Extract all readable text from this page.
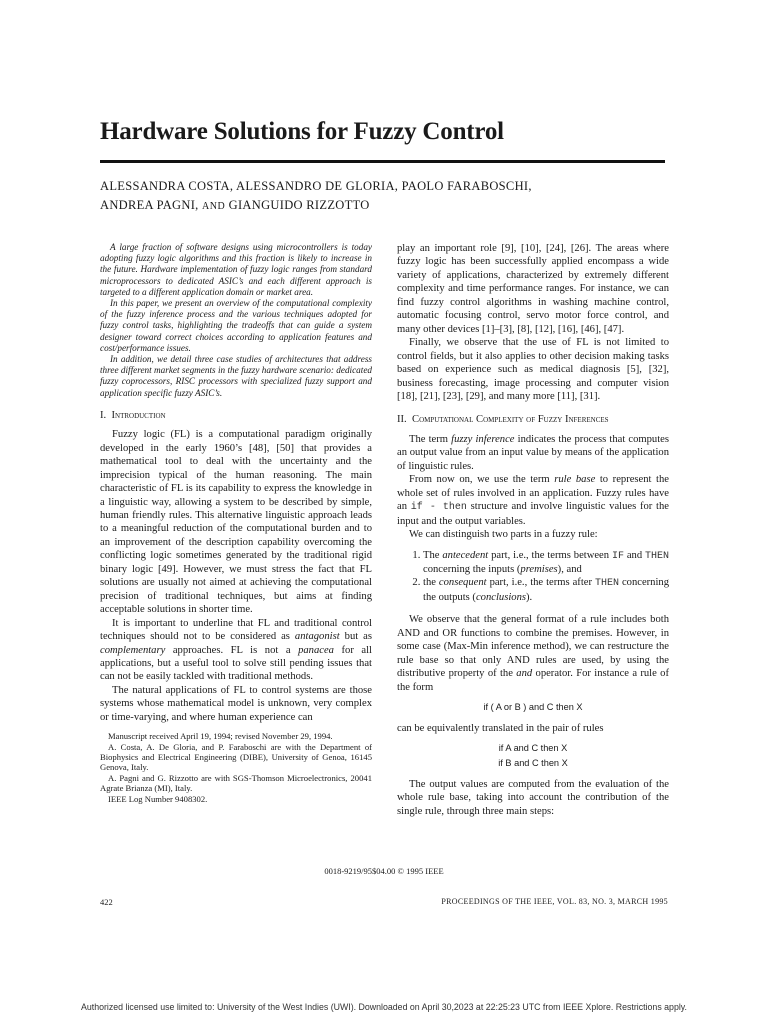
Hardware Solutions for Fuzzy Control
ALESSANDRA COSTA, ALESSANDRO DE GLORIA, PAOLO FARABOSCHI,
ANDREA PAGNI, AND GIANGUIDO RIZZOTTO

A large fraction of software designs using microcontrollers is today adopting fuzzy logic algorithms and this fraction is likely to increase in the future. Hardware implementation of fuzzy logic ranges from standard microprocessors to dedicated ASIC’s and each different approach is targeted to a different application domain or market area.

In this paper, we present an overview of the computational complexity of the fuzzy inference process and the various techniques adopted for fuzzy control tasks, highlighting the tradeoffs that can guide a system designer toward correct choices according to application features and cost/performance issues.

In addition, we detail three case studies of architectures that address three different market segments in the fuzzy hardware scenario: dedicated fuzzy coprocessors, RISC processors with specialized fuzzy support and application specific fuzzy ASIC’s.

I. Introduction

Fuzzy logic (FL) is a computational paradigm originally developed in the early 1960’s [48], [50] that provides a mathematical tool to deal with the uncertainty and the imprecision typical of the human reasoning. The main characteristic of FL is its capability to express the knowledge in a linguistic way, allowing a system to be described by simple, human friendly rules. This alternative linguistic approach leads to a meaningful reduction of the computational burden and to an improvement of the description capability overcoming the conflicting logic sometimes generated by the traditional rigid binary logic [49]. However, we must stress the fact that FL solutions are usually not aimed at achieving the computational precision of traditional techniques, but aims at finding acceptable solutions in shorter time.

It is important to underline that FL and traditional control techniques should not to be considered as antagonist but as complementary approaches. FL is not a panacea for all applications, but a useful tool to solve still pending issues that can not be easily tackled with traditional methods.

The natural applications of FL to control systems are those systems whose mathematical model is unknown, very complex or time-varying, and where human experience can

Manuscript received April 19, 1994; revised November 29, 1994.

A. Costa, A. De Gloria, and P. Faraboschi are with the Department of Biophysics and Electrical Engineering (DIBE), University of Genoa, 16145 Genova, Italy.

A. Pagni and G. Rizzotto are with SGS-Thomson Microelectronics, 20041 Agrate Brianza (MI), Italy.

IEEE Log Number 9408302.

play an important role [9], [10], [24], [26]. The areas where fuzzy logic has been successfully applied encompass a wide variety of applications, characterized by extremely different complexity and time performance ranges. For instance, we can find fuzzy control algorithms in washing machine control, automatic focusing control, servo motor force control, and many other devices [1]–[3], [8], [12], [16], [46], [47].

Finally, we observe that the use of FL is not limited to control fields, but it also applies to other decision making tasks based on experience such as medical diagnosis [5], [32], business forecasting, image processing and computer vision [18], [21], [23], [29], and many more [11], [31].

II. Computational Complexity of Fuzzy Inferences

The term fuzzy inference indicates the process that computes an output value from an input value by means of the application of linguistic rules.

From now on, we use the term rule base to represent the whole set of rules involved in an application. Fuzzy rules have an if - then structure and involve linguistic values for the input and the output variables.

We can distinguish two parts in a fuzzy rule:

1. The antecedent part, i.e., the terms between IF and THEN concerning the inputs (premises), and
2. the consequent part, i.e., the terms after THEN concerning the outputs (conclusions).

We observe that the general format of a rule includes both AND and OR functions to combine the premises. However, in some case (Max-Min inference method), we can restructure the rule base so that only AND rules are used, by using the distributive property of the and operator. For instance a rule of the form

if ( A or B ) and C then X

can be equivalently translated in the pair of rules

if A and C then X

if B and C then X

The output values are computed from the evaluation of the whole rule base, taking into account the contribution of the single rule, through three main steps:

0018-9219/95$04.00 © 1995 IEEE
422	PROCEEDINGS OF THE IEEE, VOL. 83, NO. 3, MARCH 1995
Authorized licensed use limited to: University of the West Indies (UWI). Downloaded on April 30,2023 at 22:25:23 UTC from IEEE Xplore. Restrictions apply.
